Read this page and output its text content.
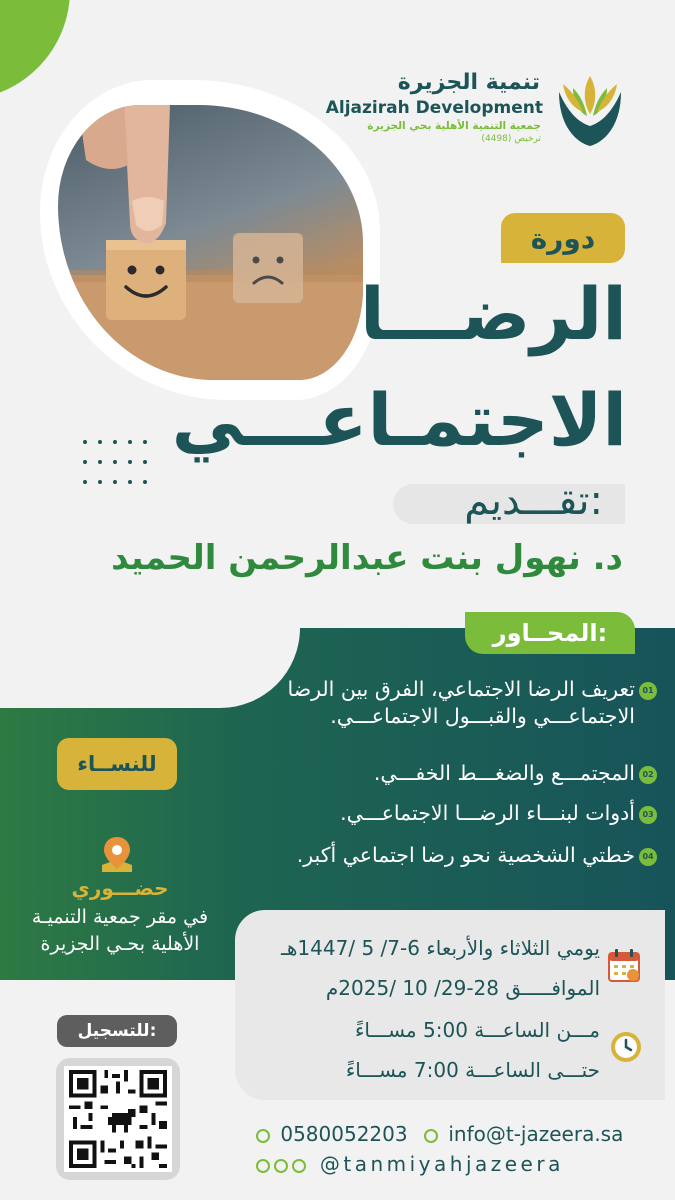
تنمية الجزيرة
Aljazirah Development
جمعية التنمية الأهلية بحي الجزيرة
ترخيص (4498)
دورة
الرضـــا
الاجتمـاعـــي
تقـــديم:
د. نهول بنت عبدالرحمن الحميد
المحــاور:
01
تعريف الرضا الاجتماعي، الفرق بين الرضا الاجتماعـــي والقبـــول الاجتماعـــي.
02
المجتمـــع والضغـــط الخفـــي.
03
أدوات لبنـــاء الرضـــا الاجتماعـــي.
04
خطتي الشخصية نحو رضا اجتماعي أكبر.
للنســاء
حضـــوري
في مقر جمعية التنميـة الأهلية بحـي الجزيرة
للتسجيل:
يومي الثلاثاء والأربعاء 6-7/ 5 /1447هـ
الموافـــــق 28-29/ 10 /2025م
مـــن الساعـــة 5:00 مســـاءً
حتـــى الساعـــة 7:00 مســـاءً
0580052203	info@t-jazeera.sa
@tanmiyahjazeera
